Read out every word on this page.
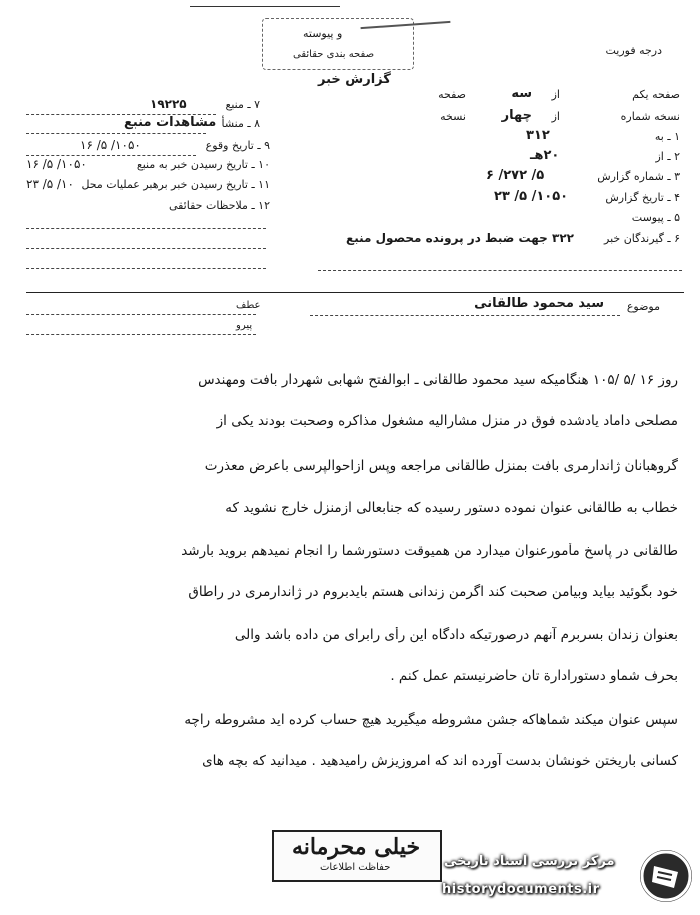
و پیوسته
صفحه بندی حقائقی	درجه فوریت
گزارش خبر
۷ ـ منبع
۱۹۲۲۵
۸ ـ منشأ
مشاهدات منبع
۹ ـ تاریخ وقوع
۱۶ /۵ /۱۰۵۰
۱۰ ـ تاریخ رسیدن خبر به منبع
۱۶ /۵ /۱۰۵۰
۱۱ ـ تاریخ رسیدن خبر برهبر عملیات محل
۲۳ /۵ /۱۰
۱۲ ـ ملاحظات حقائقی
صفحه یکم
از
سه
صفحه
نسخه شماره
از
چهار
نسخه
۱ ـ به
۳۱۲
۲ ـ از
۲۰هـ
۳ ـ شماره گزارش
۶ /۲۷۲ /۵
۴ ـ تاریخ گزارش
۲۳ /۵ /۱۰۵۰
۵ ـ پیوست
۶ ـ گیرندگان خبر
۳۲۲ جهت ضبط در پرونده محصول منبع
موضوع
سید محمود طالقانی
عطف
پیرو
روز ۱۶ /۵ /۱۰۵ هنگامیکه سید محمود طالقانی ـ ابوالفتح شهابی شهردار بافت ومهندس
مصلحی داماد یادشده فوق در منزل مشارالیه مشغول مذاکره وصحبت بودند یکی از
گروهبانان ژاندارمری بافت بمنزل طالقانی مراجعه وپس ازاحوالپرسی باعرض معذرت
خطاب به طالقانی عنوان نموده دستور رسیده که جنابعالی ازمنزل خارج نشوید که
طالقانی در پاسخ مأمورعنوان میدارد من همیوقت دستورشما را انجام نمیدهم بروید بارشد
خود بگوئید بیاید وبیامن صحبت کند اگرمن زندانی هستم بایدبروم در ژاندارمری در راطاق
بعنوان زندان بسربرم آنهم درصورتیکه دادگاه این رأی رابرای من داده باشد والی
بحرف شماو دستورادارة تان حاضرنیستم عمل کنم .
سپس عنوان میکند شماهاکه جشن مشروطه میگیرید هیچ حساب کرده اید مشروطه راچه
کسانی باریختن خونشان بدست آورده اند که امروزیزش رامیدهید . میدانید که بچه های
خیلی محرمانه
حفاظت اطلاعات	مرکز بررسی اسناد تاریخی
historydocuments.ir
